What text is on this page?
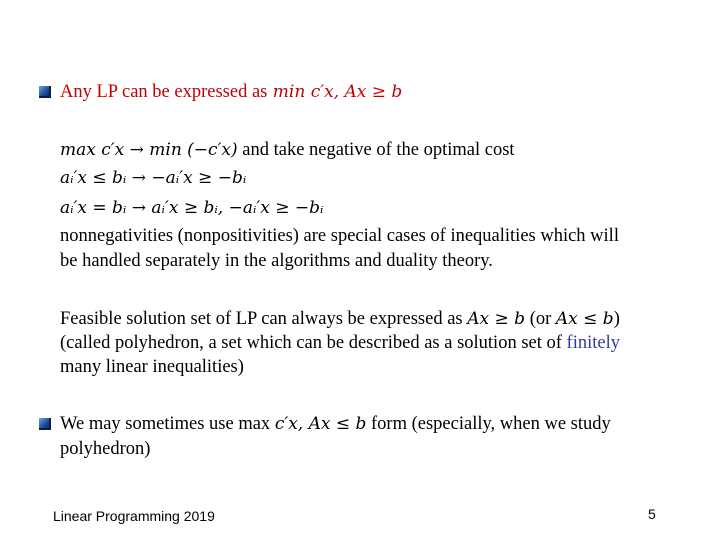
Any LP can be expressed as min c′x, Ax ≥ b
max c′x → min (−c′x) and take negative of the optimal cost
aᵢ′x ≤ bᵢ → −aᵢ′x ≥ −bᵢ
aᵢ′x = bᵢ → aᵢ′x ≥ bᵢ, −aᵢ′x ≥ −bᵢ
nonnegativities (nonpositivities) are special cases of inequalities which will
be handled separately in the algorithms and duality theory.
Feasible solution set of LP can always be expressed as Ax ≥ b (or Ax ≤ b)
(called polyhedron, a set which can be described as a solution set of finitely
many linear inequalities)
We may sometimes use max c′x, Ax ≤ b form (especially, when we study
polyhedron)
Linear Programming 2019	5
